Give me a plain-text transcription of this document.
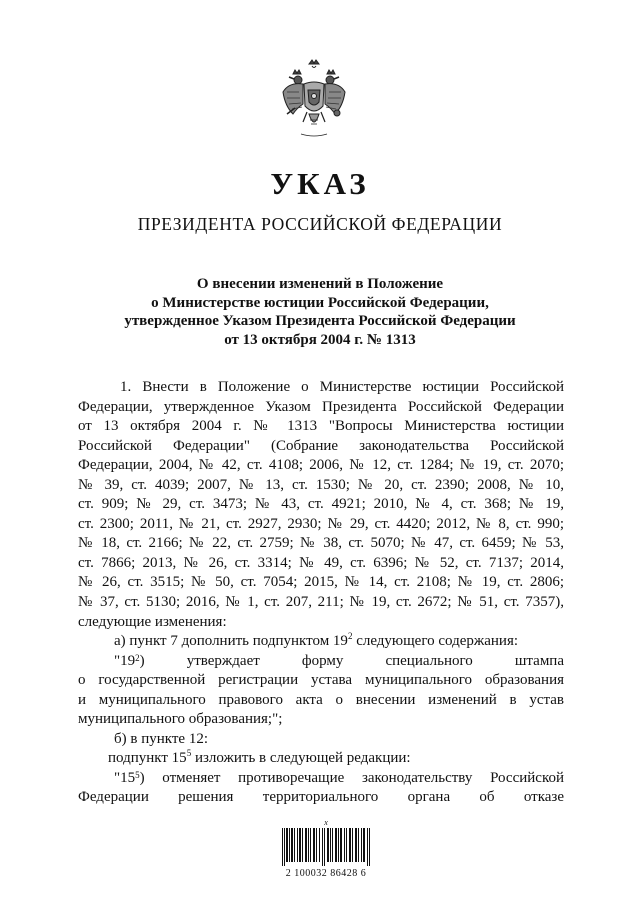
УКАЗ
ПРЕЗИДЕНТА РОССИЙСКОЙ ФЕДЕРАЦИИ
О внесении изменений в Положение
о Министерстве юстиции Российской Федерации,
утвержденное Указом Президента Российской Федерации
от 13 октября 2004 г. № 1313
1. Внести в Положение о Министерстве юстиции Российской
Федерации, утвержденное Указом Президента Российской Федерации
от 13 октября 2004 г. № 1313 "Вопросы Министерства юстиции
Российской Федерации" (Собрание законодательства Российской
Федерации, 2004, № 42, ст. 4108; 2006, № 12, ст. 1284; № 19, ст. 2070;
№ 39, ст. 4039; 2007, № 13, ст. 1530; № 20, ст. 2390; 2008, № 10,
ст. 909; № 29, ст. 3473; № 43, ст. 4921; 2010, № 4, ст. 368; № 19,
ст. 2300; 2011, № 21, ст. 2927, 2930; № 29, ст. 4420; 2012, № 8, ст. 990;
№ 18, ст. 2166; № 22, ст. 2759; № 38, ст. 5070; № 47, ст. 6459; № 53,
ст. 7866; 2013, № 26, ст. 3314; № 49, ст. 6396; № 52, ст. 7137; 2014,
№ 26, ст. 3515; № 50, ст. 7054; 2015, № 14, ст. 2108; № 19, ст. 2806;
№ 37, ст. 5130; 2016, № 1, ст. 207, 211; № 19, ст. 2672; № 51, ст. 7357),
следующие изменения:
а) пункт 7 дополнить подпунктом $19^2$ следующего содержания:
"19 2 ) утверждает форму специального штампа
о государственной регистрации устава муниципального образования
и муниципального правового акта о внесении изменений в устав
муниципального образования;";
б) в пункте 12:
подпункт $15^5$ изложить в следующей редакции:
"15 5 ) отменяет противоречащие законодательству Российской
Федерации решения территориального органа об отказе
x
2 100032 86428 6
